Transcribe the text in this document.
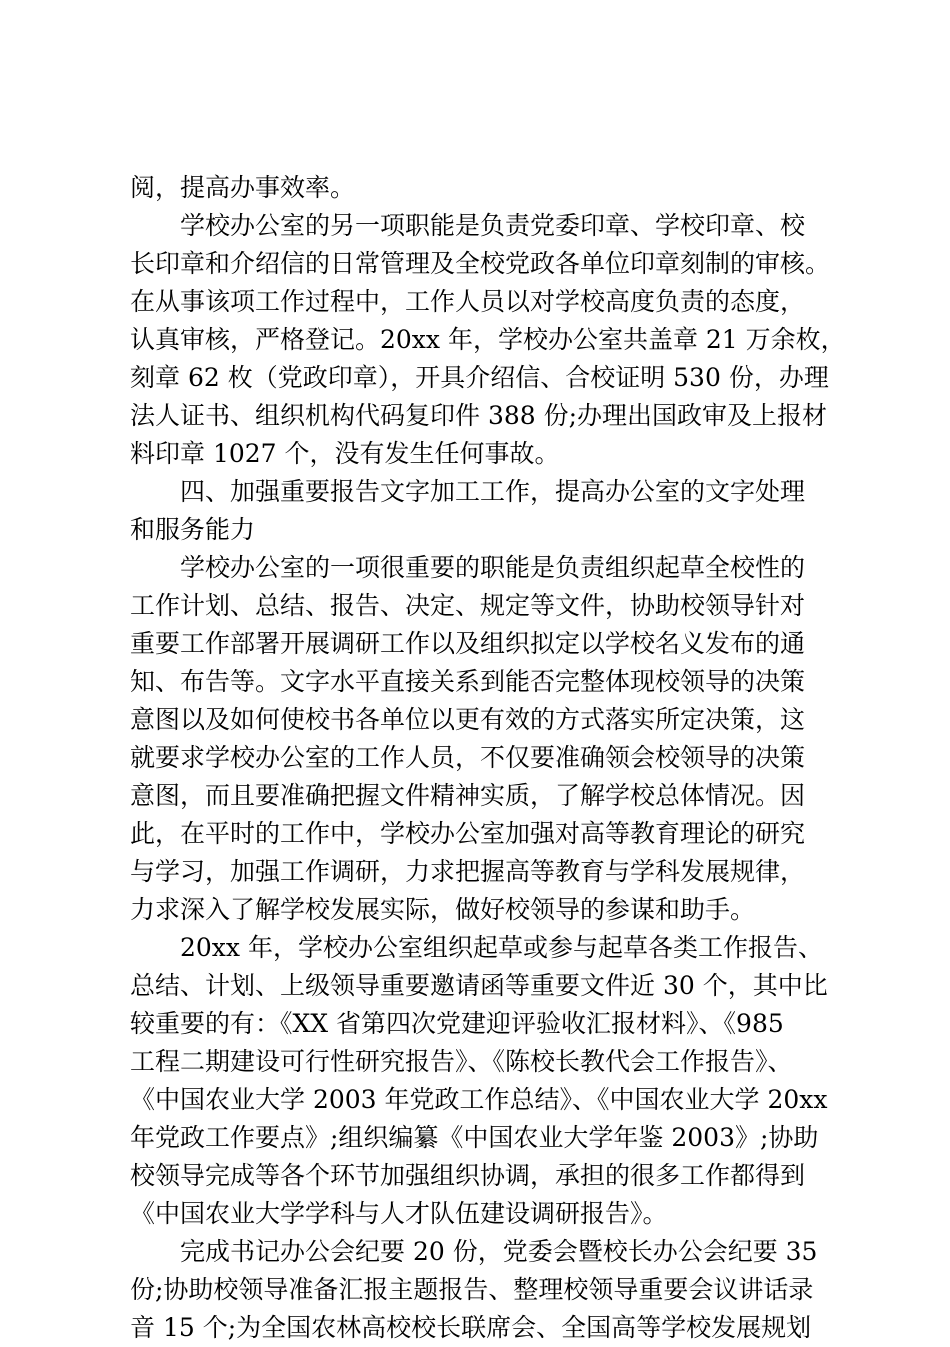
阅，提高办事效率。
　　学校办公室的另一项职能是负责党委印章、学校印章、校
长印章和介绍信的日常管理及全校党政各单位印章刻制的审核。
在从事该项工作过程中，工作人员以对学校高度负责的态度，
认真审核，严格登记。20xx 年，学校办公室共盖章 21 万余枚，
刻章 62 枚（党政印章），开具介绍信、合校证明 530 份，办理
法人证书、组织机构代码复印件 388 份;办理出国政审及上报材
料印章 1027 个，没有发生任何事故。
　　四、加强重要报告文字加工工作，提高办公室的文字处理
和服务能力
　　学校办公室的一项很重要的职能是负责组织起草全校性的
工作计划、总结、报告、决定、规定等文件，协助校领导针对
重要工作部署开展调研工作以及组织拟定以学校名义发布的通
知、布告等。文字水平直接关系到能否完整体现校领导的决策
意图以及如何使校书各单位以更有效的方式落实所定决策，这
就要求学校办公室的工作人员，不仅要准确领会校领导的决策
意图，而且要准确把握文件精神实质，了解学校总体情况。因
此，在平时的工作中，学校办公室加强对高等教育理论的研究
与学习，加强工作调研，力求把握高等教育与学科发展规律，
力求深入了解学校发展实际，做好校领导的参谋和助手。
　　20xx 年，学校办公室组织起草或参与起草各类工作报告、
总结、计划、上级领导重要邀请函等重要文件近 30 个，其中比
较重要的有：《XX 省第四次党建迎评验收汇报材料》、《985
工程二期建设可行性研究报告》、《陈校长教代会工作报告》、
《中国农业大学 2003 年党政工作总结》、《中国农业大学 20xx
年党政工作要点》;组织编纂《中国农业大学年鉴 2003》;协助
校领导完成等各个环节加强组织协调，承担的很多工作都得到
《中国农业大学学科与人才队伍建设调研报告》。
　　完成书记办公会纪要 20 份，党委会暨校长办公会纪要 35
份;协助校领导准备汇报主题报告、整理校领导重要会议讲话录
音 15 个;为全国农林高校校长联席会、全国高等学校发展规划
